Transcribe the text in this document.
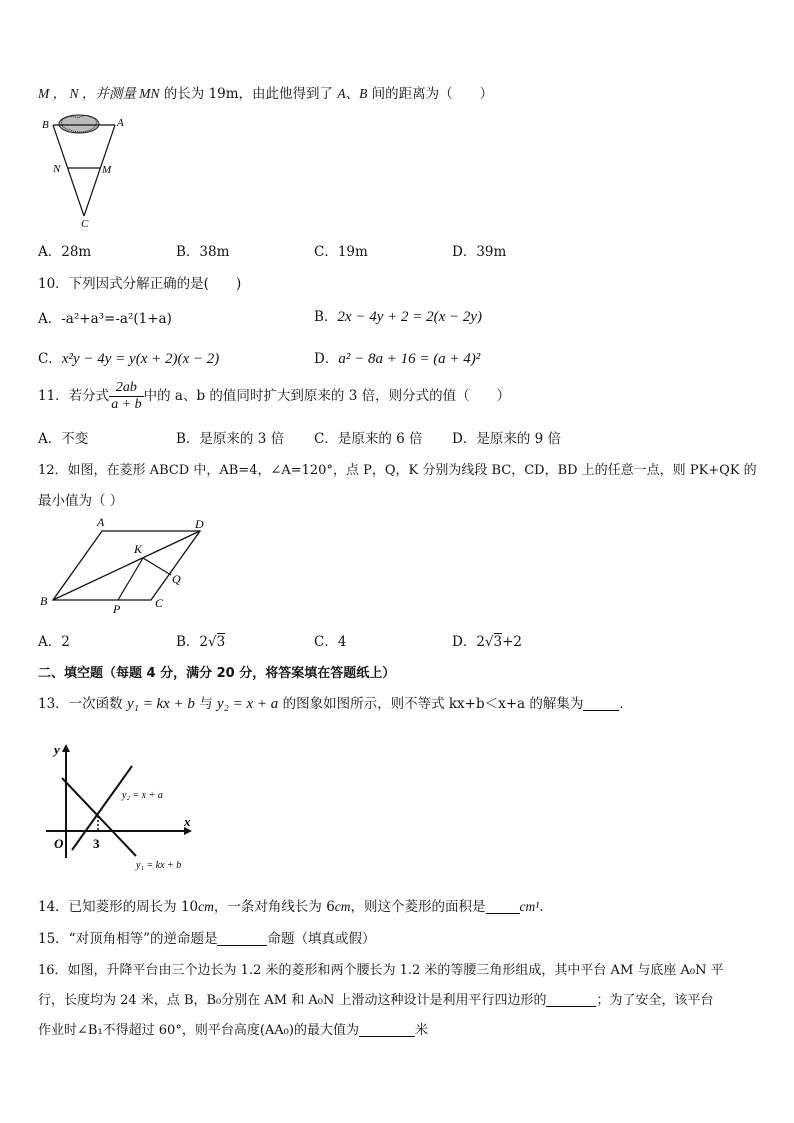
M ， N ，并测量 MN 的长为 19m，由此他得到了 A、B 间的距离为（　　）
B	A
N	M
C
A．28m	B．38m	C．19m	D．39m
10．下列因式分解正确的是(　　)
A．-a²+a³=-a²(1+a)	B．2x − 4y + 2 = 2(x − 2y)
C．x²y − 4y = y(x + 2)(x − 2)	D．a² − 8a + 16 = (a + 4)²
11．若分式 $\frac{2ab}{a + b}$ 中的 a、b 的值同时扩大到原来的 3 倍，则分式的值（　　）
A．不变	B．是原来的 3 倍 C．是原来的 6 倍 D．是原来的 9 倍
12．如图，在菱形 ABCD 中，AB=4，∠A=120°，点 P，Q，K 分别为线段 BC，CD，BD 上的任意一点，则 PK+QK 的
最小值为（ ）
A	D
K
Q
B
P	C
A．2	B．2√3	C．4	D．2√3+2
二、填空题（每题 4 分，满分 20 分，将答案填在答题纸上）
13．一次函数 y₁ = kx + b 与 y₂ = x + a 的图象如图所示，则不等式 kx+b＜x+a 的解集为	．
y
x
O 3
y₂ = x + a
y₁ = kx + b
14．已知菱形的周长为 10cm，一条对角线长为 6cm，则这个菱形的面积是	cm¹．
15．“对顶角相等”的逆命题是	命题（填真或假）
16．如图，升降平台由三个边长为 1.2 米的菱形和两个腰长为 1.2 米的等腰三角形组成，其中平台 AM 与底座 A₀N 平
行，长度均为 24 米，点 B，B₀分别在 AM 和 A₀N 上滑动这种设计是利用平行四边形的	；为了安全，该平台
作业时∠B₁不得超过 60°，则平台高度(AA₀)的最大值为	米
